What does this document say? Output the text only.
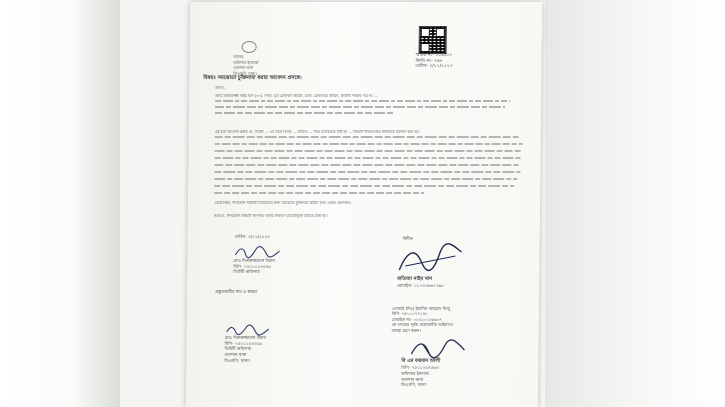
স্মারক নং- ১০৯৯২২
জিডি নং- ৩৬৮
তারিখ- ৩/১১/২০২৩
বরাবর,
অফিসার ইনচার্জ
গুলশান থানা
ডিএমপি, ঢাকা।
বিষয়ঃ সমঝোতা চুক্তিনামা করার আবেদন প্রসঙ্গে।
জনাব,
আমি বিজয়লক্ষ্মী নাইম খান (৩০), পিতা- মৃত মোহাম্মদ আমিন, মাতা- মোকাররম আমিন, জাতীয় পরিচয় পত্র নং- ...
এই মর্মে আবেদন করছি যে, বিবাদী ... এর সাথে বিগত ... তারিখে ... নিয়ে মতবিরোধ সৃষ্টি হয় ... বিষয়টি উভয়পক্ষের সম্মতিতে সমাধান করা হয়।
এমতাবস্থায়, উপরোক্ত বিষয়টি ভবিষ্যতের জন্য সমঝোতা চুক্তিনামা করিয়া রাখা একান্ত প্রয়োজন।
অতএব, উপরোক্ত বিষয়টি আপনার থানার সাধারণ ডায়েরীভুক্ত করিতে মর্জি হয়।
তারিখ- ৩/১১/২০২৩	বিনীত
মোঃ দিনারুজ্জামান উমান
বিপি- ৭৫০১০২৩৩৫৯
ডিউটি অফিসার
প্রস্তুতকারীর নাম ও স্বাক্ষর
বাতিজা নাইম খান
মোবাইল- ০১৭৩৩৬৬৭৩৯৮
মোঃ দিনারুজ্জামান উমান
বিপি- ৭৫০১০২৩৩৫৯
ডিউটি অফিসার
গুলশান থানা
ডিএমপি, ঢাকা।
এসআই (নিঃ) ইয়াসিন আহমেদ খিজু
বিপি- ৭৫১১০৭৭১৫০
মোবাইল নং- ০১৩২০১৩৫৬৩৭
কে তদন্তের পূর্বক প্রয়োজনীয় আইনগত
ব্যবস্থা গ্রহণ করুন।
বি এম ফরমান আলী
বিপি- ৭৫০১০৫৪৫৬৩
অফিসার ইনচার্জ
গুলশান থানা
ডিএমপি, ঢাকা।
